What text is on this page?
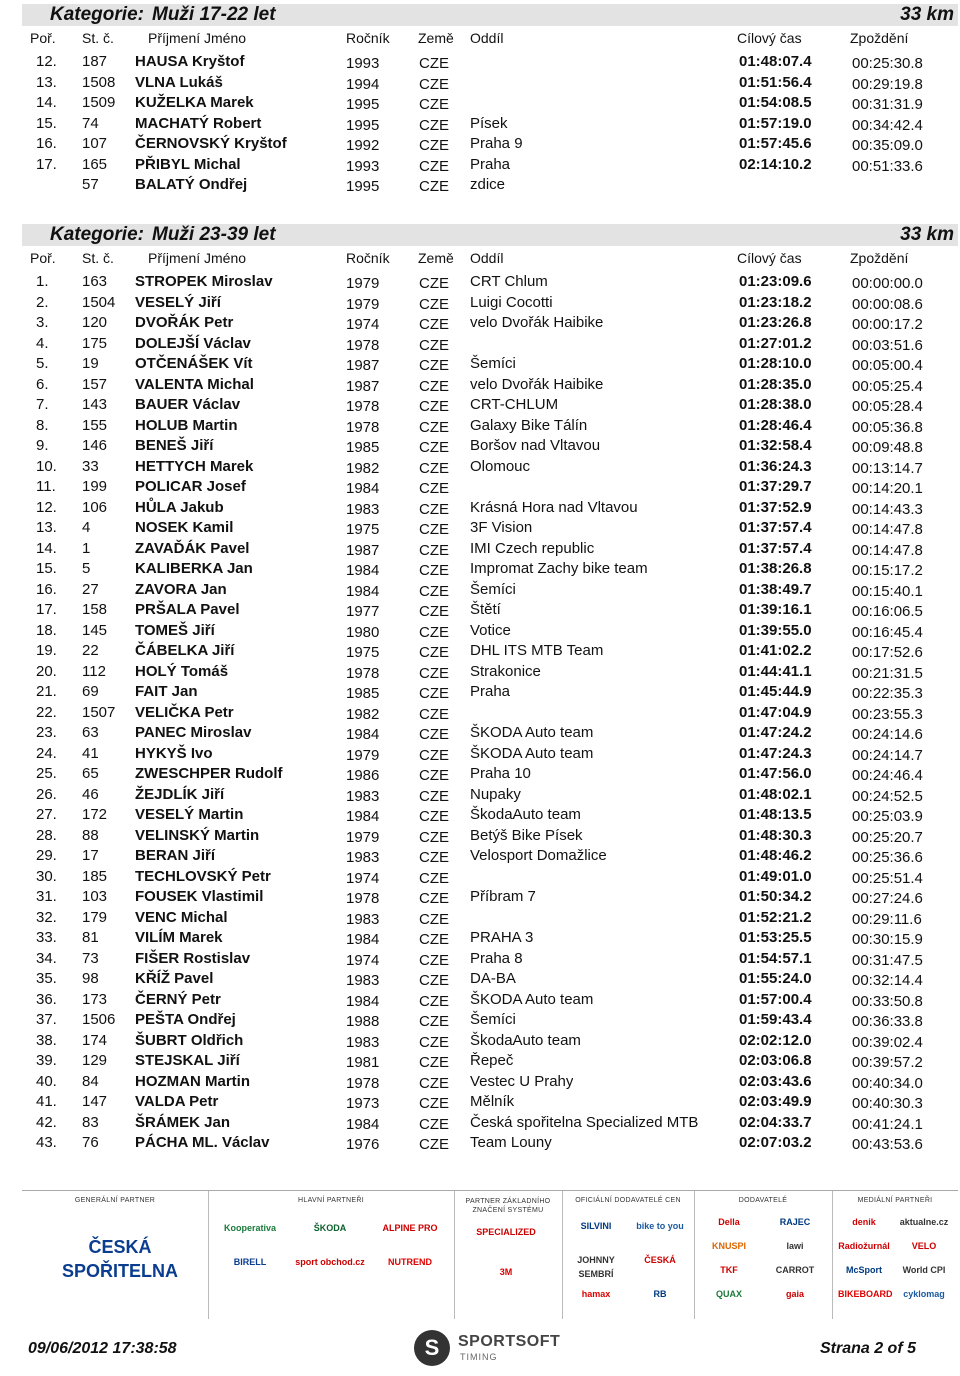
Kategorie: Muži 17-22 let	33 km
Poř. St. č. Příjmení Jméno	Ročník Země Oddíl	Cílový čas	Zpoždění
12. 187 HAUSA Kryštof	1993	CZE	01:48:07.4	00:25:30.8
13. 1508 VLNA Lukáš	1994	CZE	01:51:56.4	00:29:19.8
14. 1509 KUŽELKA Marek	1995	CZE	01:54:08.5	00:31:31.9
15. 74 MACHATÝ Robert	1995	CZE Písek	01:57:19.0	00:34:42.4
16. 107 ČERNOVSKÝ Kryštof	1992	CZE Praha 9	01:57:45.6	00:35:09.0
17. 165 PŘIBYL Michal	1993	CZE Praha	02:14:10.2	00:51:33.6
57 BALATÝ Ondřej	1995	CZE zdice
Kategorie: Muži 23-39 let	33 km
Poř. St. č. Příjmení Jméno	Ročník Země Oddíl	Cílový čas	Zpoždění
1. 163 STROPEK Miroslav	1979	CZE CRT Chlum	01:23:09.6	00:00:00.0
2. 1504 VESELÝ Jiří	1979	CZE Luigi Cocotti	01:23:18.2	00:00:08.6
3. 120 DVOŘÁK Petr	1974	CZE velo Dvořák Haibike	01:23:26.8	00:00:17.2
4. 175 DOLEJŠÍ Václav	1978	CZE	01:27:01.2	00:03:51.6
5. 19 OTČENÁŠEK Vít	1987	CZE Šemíci	01:28:10.0	00:05:00.4
6. 157 VALENTA Michal	1987	CZE velo Dvořák Haibike	01:28:35.0	00:05:25.4
7. 143 BAUER Václav	1978	CZE CRT-CHLUM	01:28:38.0	00:05:28.4
8. 155 HOLUB Martin	1978	CZE Galaxy Bike Tálín	01:28:46.4	00:05:36.8
9. 146 BENEŠ Jiří	1985	CZE Boršov nad Vltavou	01:32:58.4	00:09:48.8
10. 33 HETTYCH Marek	1982	CZE Olomouc	01:36:24.3	00:13:14.7
11. 199 POLICAR Josef	1984	CZE	01:37:29.7	00:14:20.1
12. 106 HŮLA Jakub	1983	CZE Krásná Hora nad Vltavou	01:37:52.9	00:14:43.3
13. 4	NOSEK Kamil	1975	CZE 3F Vision	01:37:57.4	00:14:47.8
14. 1	ZAVAĎÁK Pavel	1987	CZE IMI Czech republic	01:37:57.4	00:14:47.8
15. 5	KALIBERKA Jan	1984	CZE Impromat Zachy bike team	01:38:26.8	00:15:17.2
16. 27 ZAVORA Jan	1984	CZE Šemíci	01:38:49.7	00:15:40.1
17. 158 PRŠALA Pavel	1977	CZE Štětí	01:39:16.1	00:16:06.5
18. 145 TOMEŠ Jiří	1980	CZE Votice	01:39:55.0	00:16:45.4
19. 22 ČÁBELKA Jiří	1975	CZE DHL ITS MTB Team	01:41:02.2	00:17:52.6
20. 112 HOLÝ Tomáš	1978	CZE Strakonice	01:44:41.1	00:21:31.5
21. 69 FAIT Jan	1985	CZE Praha	01:45:44.9	00:22:35.3
22. 1507 VELIČKA Petr	1982	CZE	01:47:04.9	00:23:55.3
23. 63 PANEC Miroslav	1984	CZE ŠKODA Auto team	01:47:24.2	00:24:14.6
24. 41 HYKYŠ Ivo	1979	CZE ŠKODA Auto team	01:47:24.3	00:24:14.7
25. 65 ZWESCHPER Rudolf	1986	CZE Praha 10	01:47:56.0	00:24:46.4
26. 46 ŽEJDLÍK Jiří	1983	CZE Nupaky	01:48:02.1	00:24:52.5
27. 172 VESELÝ Martin	1984	CZE ŠkodaAuto team	01:48:13.5	00:25:03.9
28. 88 VELINSKÝ Martin	1979	CZE Betýš Bike Písek	01:48:30.3	00:25:20.7
29. 17 BERAN Jiří	1983	CZE Velosport Domažlice	01:48:46.2	00:25:36.6
30. 185 TECHLOVSKÝ Petr	1974	CZE	01:49:01.0	00:25:51.4
31. 103 FOUSEK Vlastimil	1978	CZE Příbram 7	01:50:34.2	00:27:24.6
32. 179 VENC Michal	1983	CZE	01:52:21.2	00:29:11.6
33. 81 VILÍM Marek	1984	CZE PRAHA 3	01:53:25.5	00:30:15.9
34. 73 FIŠER Rostislav	1974	CZE Praha 8	01:54:57.1	00:31:47.5
35. 98 KŘÍŽ Pavel	1983	CZE DA-BA	01:55:24.0	00:32:14.4
36. 173 ČERNÝ Petr	1984	CZE ŠKODA Auto team	01:57:00.4	00:33:50.8
37. 1506 PEŠTA Ondřej	1988	CZE Šemíci	01:59:43.4	00:36:33.8
38. 174 ŠUBRT Oldřich	1983	CZE ŠkodaAuto team	02:02:12.0	00:39:02.4
39. 129 STEJSKAL Jiří	1981	CZE Řepeč	02:03:06.8	00:39:57.2
40. 84 HOZMAN Martin	1978	CZE Vestec U Prahy	02:03:43.6	00:40:34.0
41. 147 VALDA Petr	1973	CZE Mělník	02:03:49.9	00:40:30.3
42. 83 ŠRÁMEK Jan	1984	CZE Česká spořitelna Specialized MTB	02:04:33.7	00:41:24.1
43. 76 PÁCHA ML. Václav	1976	CZE Team Louny	02:07:03.2	00:43:53.6
GENERÁLNÍ PARTNER
ČESKÁ SPOŘITELNA
HLAVNÍ PARTNEŘI
Kooperativa	ŠKODA	ALPINE PRO
BIRELL	sport obchod.cz	NUTREND
PARTNER ZÁKLADNÍHO ZNAČENÍ SYSTÉMU
SPECIALIZED
3M
OFICIÁLNÍ DODAVATELÉ CEN
SILVINI	bike to you
JOHNNY SEMBRÍ
ČESKÁ
hamax	RB
DODAVATELÉ
Della	RAJEC
KNUSPI	lawi
TKF	CARROT
QUAX	gaia
MEDIÁLNÍ PARTNEŘI
denik	aktualne.cz
Radiožurnál	VELO
McSport	World CPI
BIKEBOARD	cyklomag
09/06/2012 17:38:58	S	SPORTSOFT
TIMING	Strana 2 of 5
